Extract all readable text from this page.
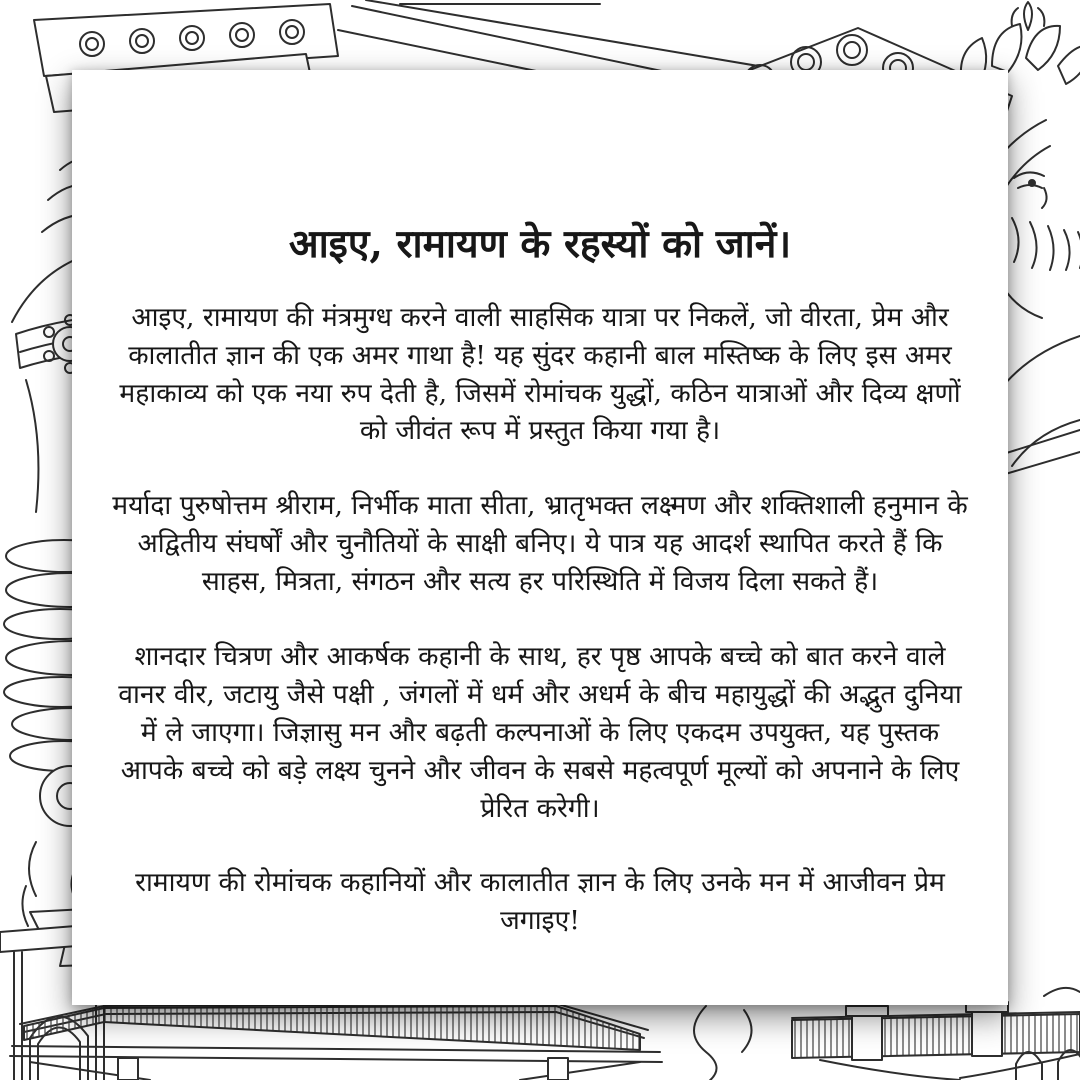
आइए, रामायण के रहस्यों को जानें।

आइए, रामायण की मंत्रमुग्ध करने वाली साहसिक यात्रा पर निकलें, जो वीरता, प्रेम और कालातीत ज्ञान की एक अमर गाथा है! यह सुंदर कहानी बाल मस्तिष्क के लिए इस अमर महाकाव्य को एक नया रुप देती है, जिसमें रोमांचक युद्धों, कठिन यात्राओं और दिव्य क्षणों को जीवंत रूप में प्रस्तुत किया गया है।

मर्यादा पुरुषोत्तम श्रीराम, निर्भीक माता सीता, भ्रातृभक्त लक्ष्मण और शक्तिशाली हनुमान के अद्वितीय संघर्षों और चुनौतियों के साक्षी बनिए। ये पात्र यह आदर्श स्थापित करते हैं कि साहस, मित्रता, संगठन और सत्य हर परिस्थिति में विजय दिला सकते हैं।

शानदार चित्रण और आकर्षक कहानी के साथ, हर पृष्ठ आपके बच्चे को बात करने वाले वानर वीर, जटायु जैसे पक्षी , जंगलों में धर्म और अधर्म के बीच महायुद्धों की अद्भुत दुनिया में ले जाएगा। जिज्ञासु मन और बढ़ती कल्पनाओं के लिए एकदम उपयुक्त, यह पुस्तक आपके बच्चे को बड़े लक्ष्य चुनने और जीवन के सबसे महत्वपूर्ण मूल्यों को अपनाने के लिए प्रेरित करेगी।

रामायण की रोमांचक कहानियों और कालातीत ज्ञान के लिए उनके मन में आजीवन प्रेम जगाइए!
